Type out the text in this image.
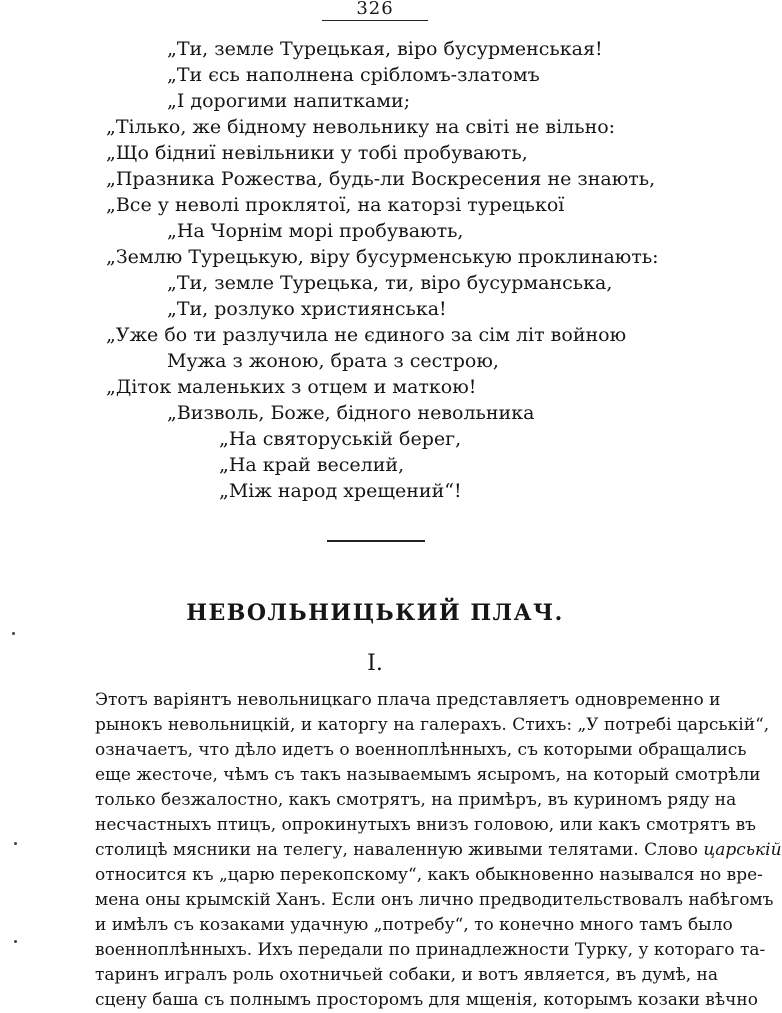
326
„Ти, земле Турецькая, віро бусурменськая!
„Ти єсь наполнена срібломъ-златомъ
„І дорогими напитками;
„Тілько, же бідному невольнику на світі не вільно:
„Що бідниї невільники у тобі пробувають,
„Празника Рожества, будь-ли Воскресения не знають,
„Все у неволі проклятої, на каторзі турецької
„На Чорнім морі пробувають,
„Землю Турецькую, віру бусурменськую проклинають:
„Ти, земле Турецька, ти, віро бусурманська,
„Ти, розлуко християнська!
„Уже бо ти разлучила не єдиного за сім літ войною
Мужа з жоною, брата з сестрою,
„Діток маленьких з отцем и маткою!
„Визволь, Боже, бідного невольника
„На святоруській берег,
„На край веселий,
„Між народ хрещений“!
НЕВОЛЬНИЦЬКИЙ ПЛАЧ.
I.
Этотъ варіянтъ невольницкаго плача представляетъ одновременно и
рынокъ невольницкій, и каторгу на галерахъ. Стихъ: „У потребі царській“,
означаетъ, что дѣло идетъ о военноплѣнныхъ, съ которыми обращались
еще жесточе, чѣмъ съ такъ называемымъ ясыромъ, на который смотрѣли
только безжалостно, какъ смотрятъ, на примѣръ, въ куриномъ ряду на
несчастныхъ птицъ, опрокинутыхъ внизъ головою, или какъ смотрятъ въ
столицѣ мясники на телегу, наваленную живыми телятами. Слово царській
относится къ „царю перекопскому“, какъ обыкновенно назывался но вре-
мена оны крымскій Ханъ. Если онъ лично предводительствовалъ набѣгомъ
и имѣлъ съ козаками удачную „потребу“, то конечно много тамъ было
военноплѣнныхъ. Ихъ передали по принадлежности Турку, у котораго та-
таринъ игралъ роль охотничьей собаки, и вотъ является, въ думѣ, на
сцену баша съ полнымъ просторомъ для мщенія, которымъ козаки вѣчно
